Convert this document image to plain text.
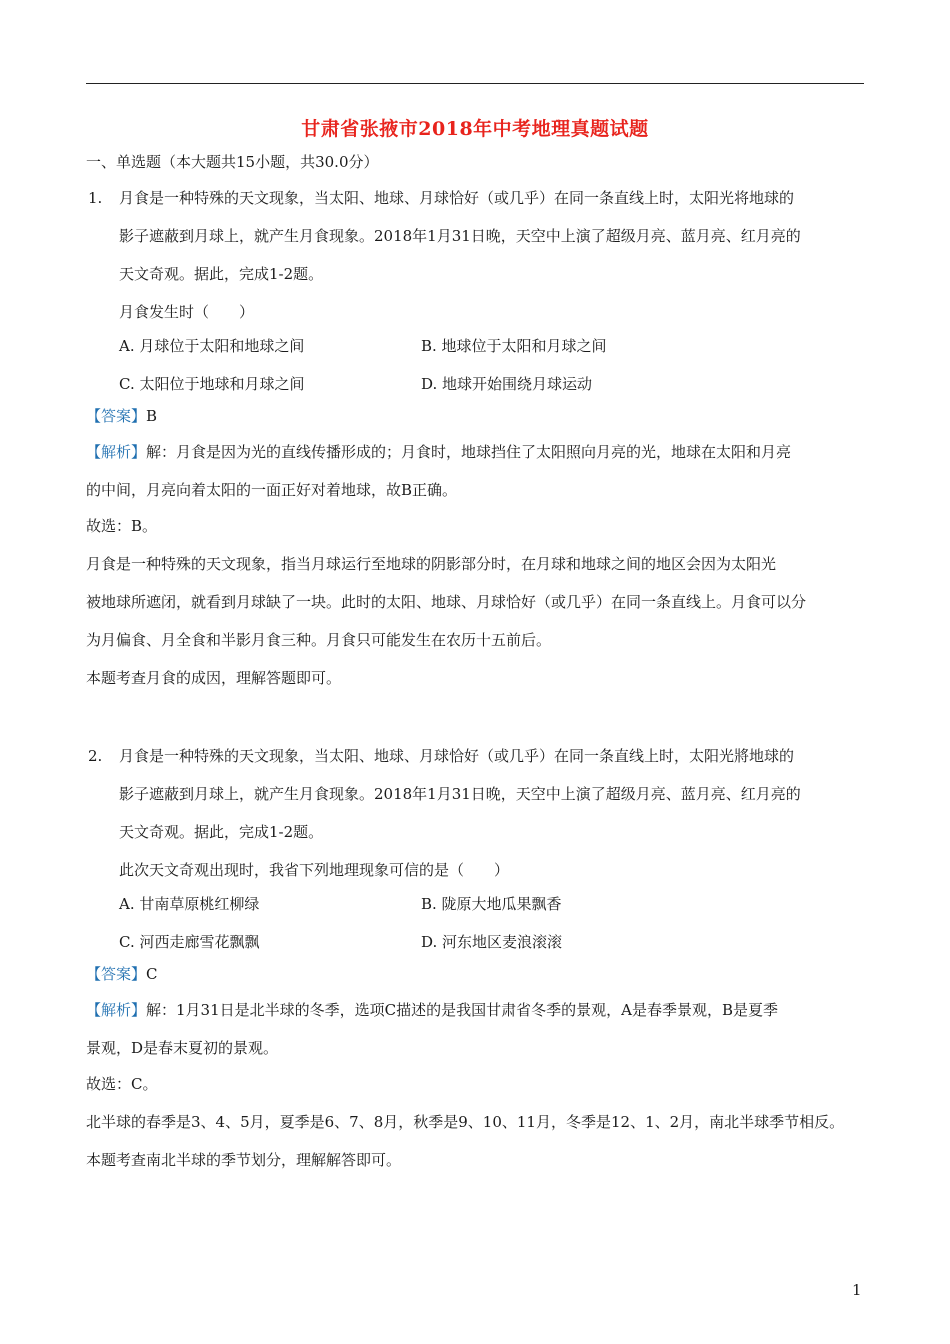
甘肃省张掖市2018年中考地理真题试题
一、单选题（本大题共15小题，共30.0分）
1. 月食是一种特殊的天文现象，当太阳、地球、月球恰好（或几乎）在同一条直线上时，太阳光将地球的
影子遮蔽到月球上，就产生月食现象。2018年1月31日晚，天空中上演了超级月亮、蓝月亮、红月亮的
天文奇观。据此，完成1-2题。
月食发生时（　　）
A. 月球位于太阳和地球之间	B. 地球位于太阳和月球之间
C. 太阳位于地球和月球之间	D. 地球开始围绕月球运动
【答案】B
【解析】解：月食是因为光的直线传播形成的；月食时，地球挡住了太阳照向月亮的光，地球在太阳和月亮
的中间，月亮向着太阳的一面正好对着地球，故B正确。
故选：B。
月食是一种特殊的天文现象，指当月球运行至地球的阴影部分时，在月球和地球之间的地区会因为太阳光
被地球所遮闭，就看到月球缺了一块。此时的太阳、地球、月球恰好（或几乎）在同一条直线上。月食可以分
为月偏食、月全食和半影月食三种。月食只可能发生在农历十五前后。
本题考查月食的成因，理解答题即可。
2. 月食是一种特殊的天文现象，当太阳、地球、月球恰好（或几乎）在同一条直线上时，太阳光將地球的
影子遮蔽到月球上，就产生月食现象。2018年1月31日晚，天空中上演了超级月亮、蓝月亮、红月亮的
天文奇观。据此，完成1-2题。
此次天文奇观出现时，我省下列地理现象可信的是（　　）
A. 甘南草原桃红柳绿	B. 陇原大地瓜果飘香
C. 河西走廊雪花飘飘	D. 河东地区麦浪滚滚
【答案】C
【解析】解：1月31日是北半球的冬季，选项C描述的是我国甘肃省冬季的景观，A是春季景观，B是夏季
景观，D是春末夏初的景观。
故选：C。
北半球的春季是3、4、5月，夏季是6、7、8月，秋季是9、10、11月，冬季是12、1、2月，南北半球季节相反。
本题考查南北半球的季节划分，理解解答即可。
1
